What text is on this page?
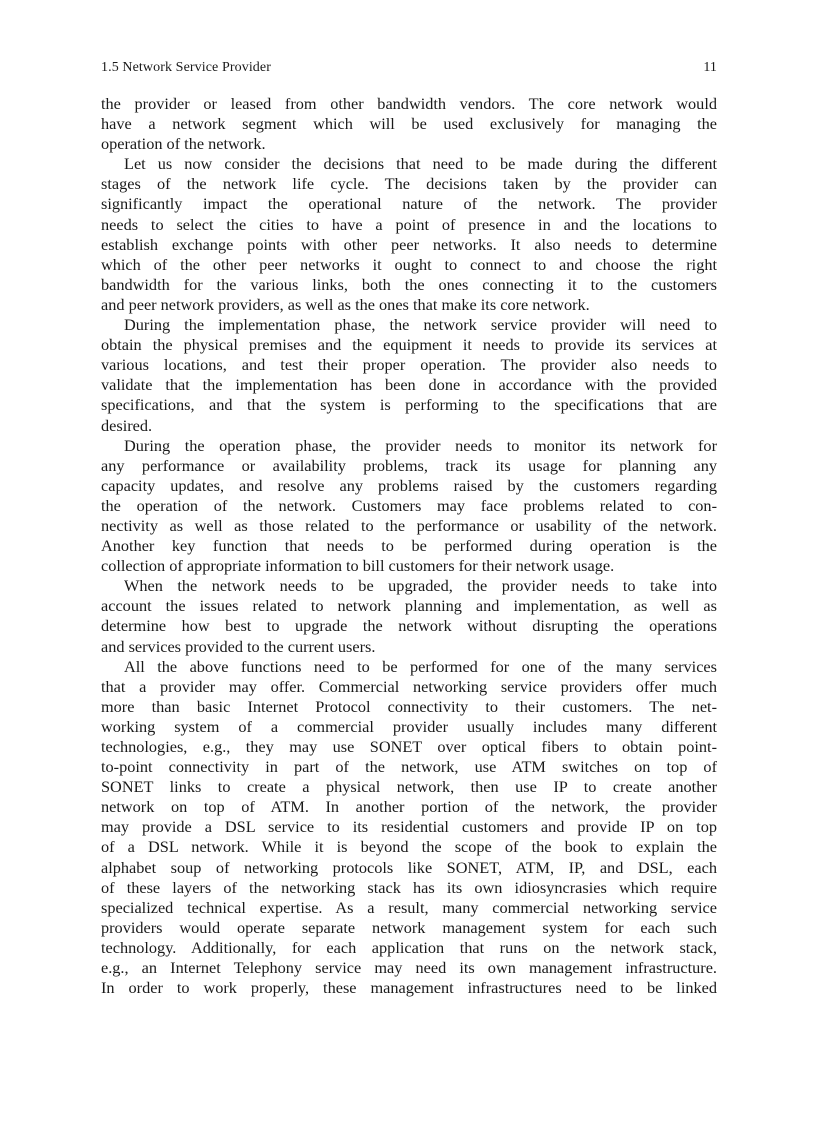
1.5 Network Service Provider	11
the provider or leased from other bandwidth vendors. The core network would
have a network segment which will be used exclusively for managing the
operation of the network.
Let us now consider the decisions that need to be made during the different
stages of the network life cycle. The decisions taken by the provider can
significantly impact the operational nature of the network. The provider
needs to select the cities to have a point of presence in and the locations to
establish exchange points with other peer networks. It also needs to determine
which of the other peer networks it ought to connect to and choose the right
bandwidth for the various links, both the ones connecting it to the customers
and peer network providers, as well as the ones that make its core network.
During the implementation phase, the network service provider will need to
obtain the physical premises and the equipment it needs to provide its services at
various locations, and test their proper operation. The provider also needs to
validate that the implementation has been done in accordance with the provided
specifications, and that the system is performing to the specifications that are
desired.
During the operation phase, the provider needs to monitor its network for
any performance or availability problems, track its usage for planning any
capacity updates, and resolve any problems raised by the customers regarding
the operation of the network. Customers may face problems related to con-
nectivity as well as those related to the performance or usability of the network.
Another key function that needs to be performed during operation is the
collection of appropriate information to bill customers for their network usage.
When the network needs to be upgraded, the provider needs to take into
account the issues related to network planning and implementation, as well as
determine how best to upgrade the network without disrupting the operations
and services provided to the current users.
All the above functions need to be performed for one of the many services
that a provider may offer. Commercial networking service providers offer much
more than basic Internet Protocol connectivity to their customers. The net-
working system of a commercial provider usually includes many different
technologies, e.g., they may use SONET over optical fibers to obtain point-
to-point connectivity in part of the network, use ATM switches on top of
SONET links to create a physical network, then use IP to create another
network on top of ATM. In another portion of the network, the provider
may provide a DSL service to its residential customers and provide IP on top
of a DSL network. While it is beyond the scope of the book to explain the
alphabet soup of networking protocols like SONET, ATM, IP, and DSL, each
of these layers of the networking stack has its own idiosyncrasies which require
specialized technical expertise. As a result, many commercial networking service
providers would operate separate network management system for each such
technology. Additionally, for each application that runs on the network stack,
e.g., an Internet Telephony service may need its own management infrastructure.
In order to work properly, these management infrastructures need to be linked
